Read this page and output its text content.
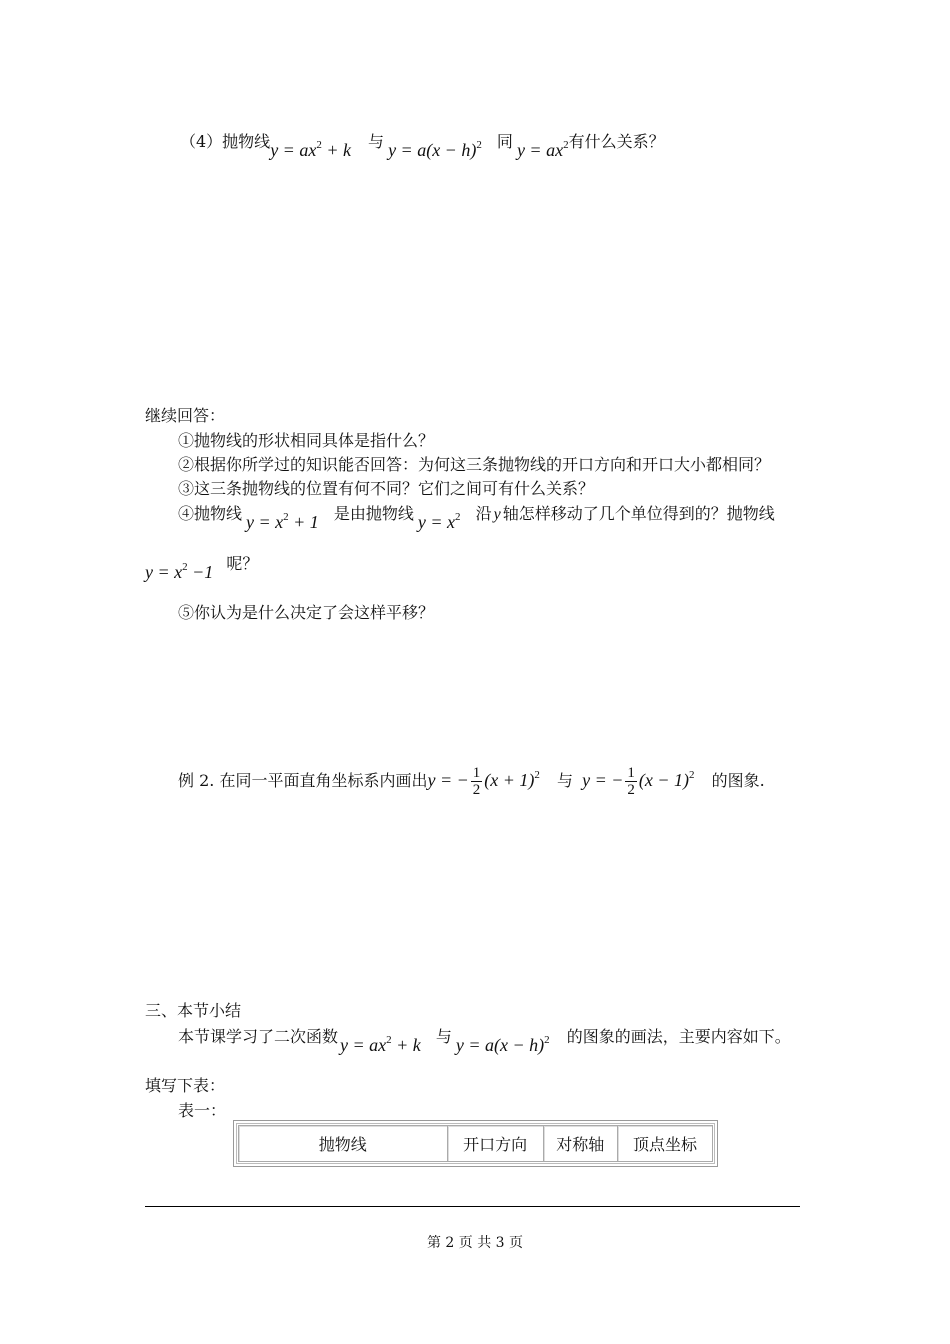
（4）抛物线$y = ax^2 + k$ 与 $y = a(x - h)^2$ 同 $y = ax^2$有什么关系？
继续回答：
①抛物线的形状相同具体是指什么？
②根据你所学过的知识能否回答：为何这三条抛物线的开口方向和开口大小都相同？
③这三条抛物线的位置有何不同？它们之间可有什么关系？
④抛物线 $y = x^2 + 1$ 是由抛物线 $y = x^2$ 沿 y 轴怎样移动了几个单位得到的？抛物线
$y = x^2 -1$ 呢？
⑤你认为是什么决定了会这样平移？
例 2. 在同一平面直角坐标系内画出y = − $\frac{1}{2} (x + 1)^2$ 与 y = − $\frac{1}{2} (x - 1)^2$ 的图象.
三、本节小结
本节课学习了二次函数 $y = ax^2 + k$ 与 $y = a(x - h)^2$ 的图象的画法，主要内容如下。
填写下表：
表一：
抛物线	开口方向	对称轴	顶点坐标
第 2 页 共 3 页
